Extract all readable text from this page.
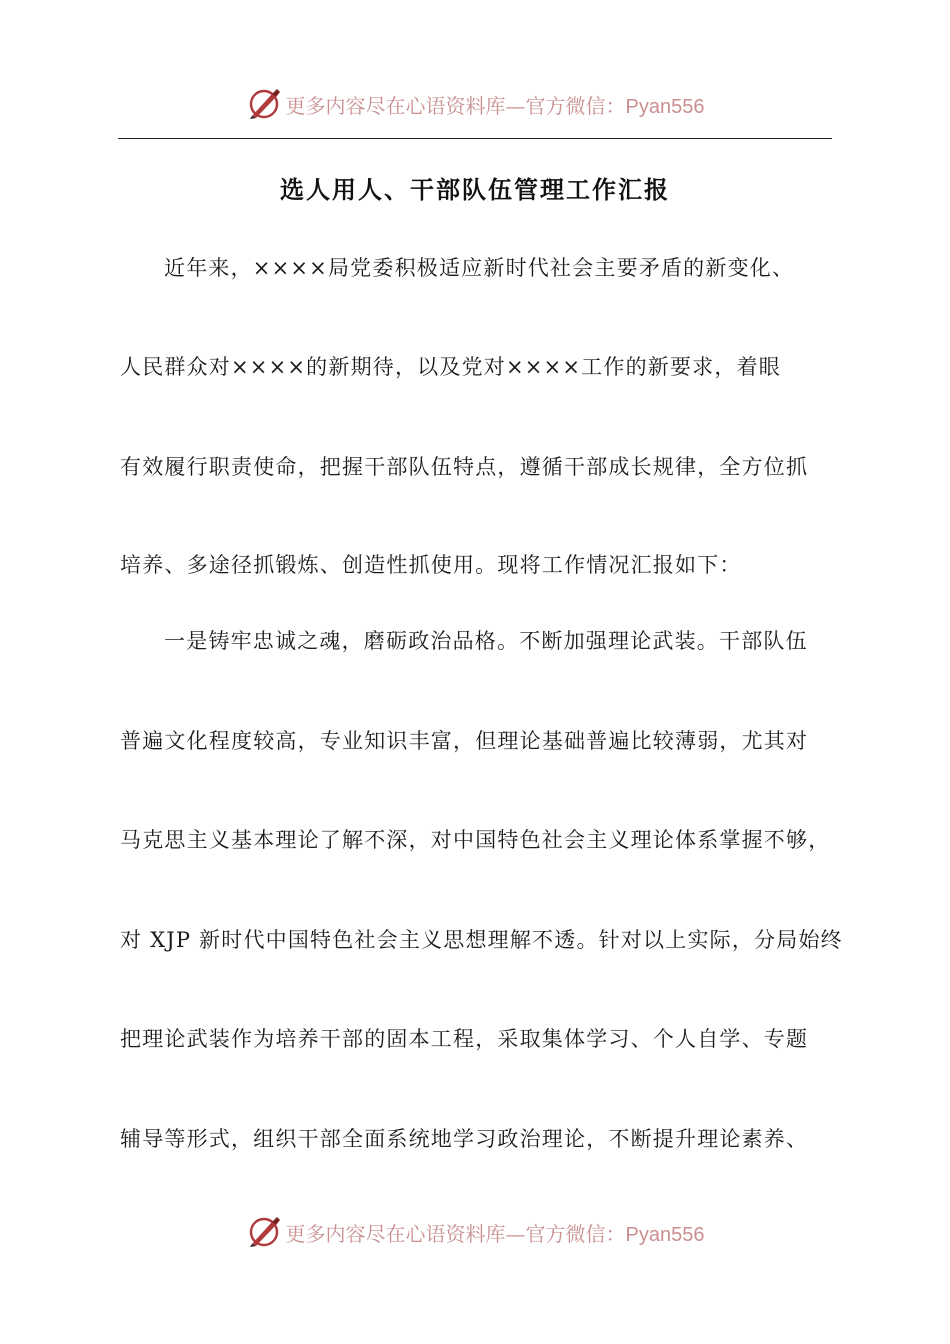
更多内容尽在心语资料库—官方微信：Pyan556
选人用人、干部队伍管理工作汇报
近年来，××××局党委积极适应新时代社会主要矛盾的新变化、
人民群众对××××的新期待，以及党对××××工作的新要求，着眼
有效履行职责使命，把握干部队伍特点，遵循干部成长规律，全方位抓
培养、多途径抓锻炼、创造性抓使用。现将工作情况汇报如下：
一是铸牢忠诚之魂，磨砺政治品格。不断加强理论武装。干部队伍
普遍文化程度较高，专业知识丰富，但理论基础普遍比较薄弱，尤其对
马克思主义基本理论了解不深，对中国特色社会主义理论体系掌握不够，
对 XJP 新时代中国特色社会主义思想理解不透。针对以上实际，分局始终
把理论武装作为培养干部的固本工程，采取集体学习、个人自学、专题
辅导等形式，组织干部全面系统地学习政治理论，不断提升理论素养、
更多内容尽在心语资料库—官方微信：Pyan556
